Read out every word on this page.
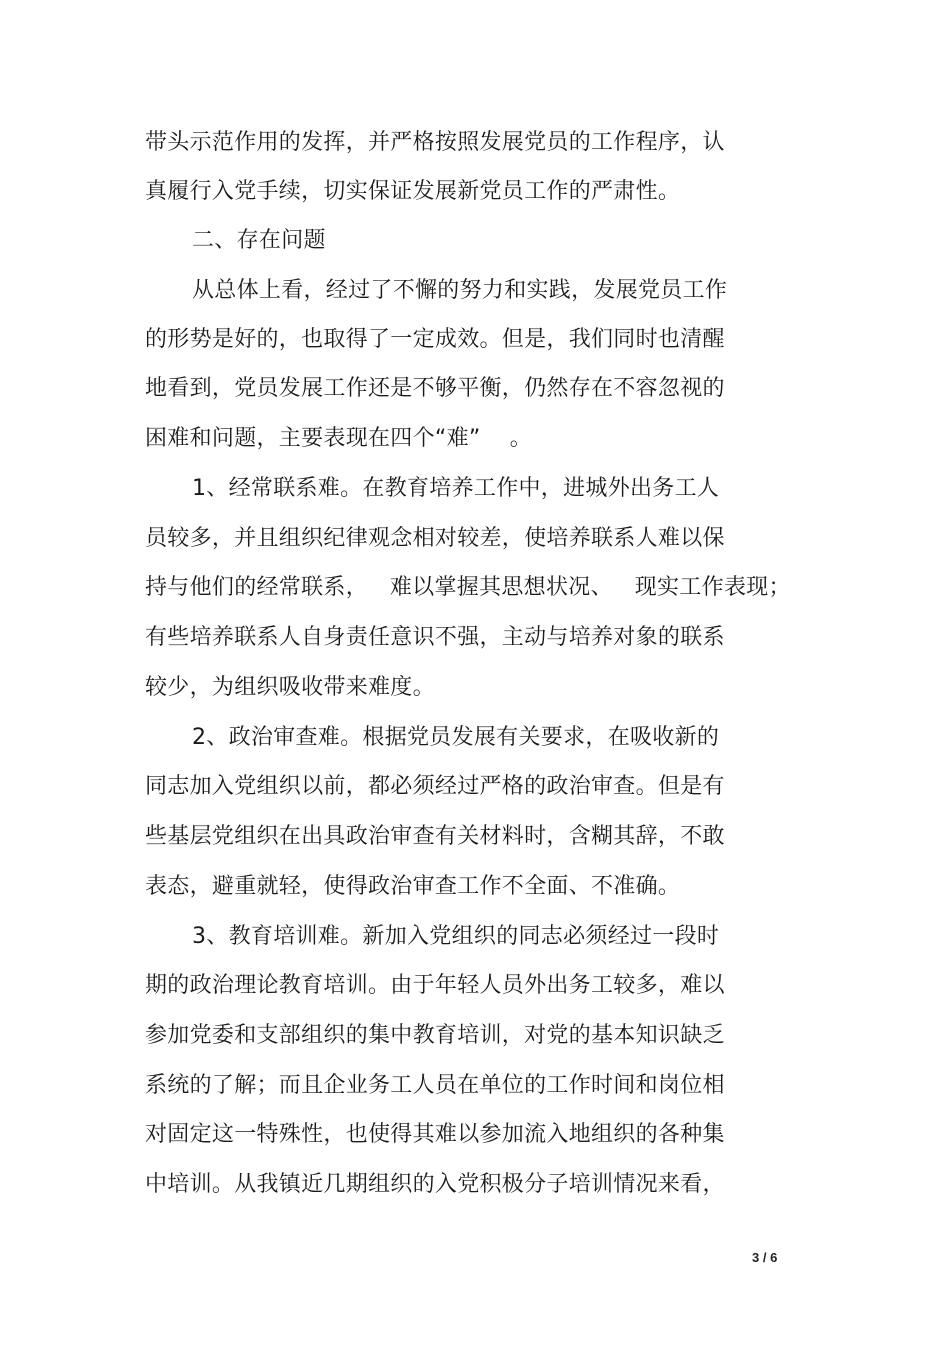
带头示范作用的发挥，并严格按照发展党员的工作程序，认
真履行入党手续，切实保证发展新党员工作的严肃性。
二、存在问题
从总体上看，经过了不懈的努力和实践，发展党员工作
的形势是好的，也取得了一定成效。但是，我们同时也清醒
地看到，党员发展工作还是不够平衡，仍然存在不容忽视的
困难和问题，主要表现在四个“难”    。
1、经常联系难。在教育培养工作中，进城外出务工人
员较多，并且组织纪律观念相对较差，使培养联系人难以保
持与他们的经常联系，   难以掌握其思想状况、   现实工作表现；
有些培养联系人自身责任意识不强，主动与培养对象的联系
较少，为组织吸收带来难度。
2、政治审查难。根据党员发展有关要求，在吸收新的
同志加入党组织以前，都必须经过严格的政治审查。但是有
些基层党组织在出具政治审查有关材料时，含糊其辞，不敢
表态，避重就轻，使得政治审查工作不全面、不准确。
3、教育培训难。新加入党组织的同志必须经过一段时
期的政治理论教育培训。由于年轻人员外出务工较多，难以
参加党委和支部组织的集中教育培训，对党的基本知识缺乏
系统的了解；而且企业务工人员在单位的工作时间和岗位相
对固定这一特殊性，也使得其难以参加流入地组织的各种集
中培训。从我镇近几期组织的入党积极分子培训情况来看，
3 / 6
